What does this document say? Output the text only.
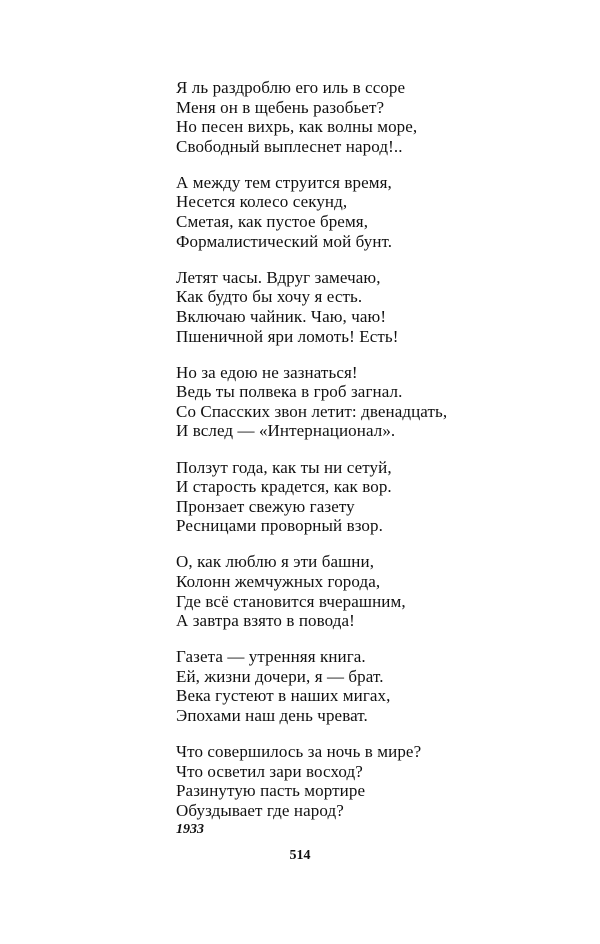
Я ль раздроблю его иль в ссоре
Меня он в щебень разобьет?
Но песен вихрь, как волны море,
Свободный выплеснет народ!..
А между тем струится время,
Несется колесо секунд,
Сметая, как пустое бремя,
Формалистический мой бунт.
Летят часы. Вдруг замечаю,
Как будто бы хочу я есть.
Включаю чайник. Чаю, чаю!
Пшеничной яри ломоть! Есть!
Но за едою не зазнаться!
Ведь ты полвека в гроб загнал.
Со Спасских звон летит: двенадцать,
И вслед — «Интернационал».
Ползут года, как ты ни сетуй,
И старость крадется, как вор.
Пронзает свежую газету
Ресницами проворный взор.
О, как люблю я эти башни,
Колонн жемчужных города,
Где всё становится вчерашним,
А завтра взято в повода!
Газета — утренняя книга.
Ей, жизни дочери, я — брат.
Века густеют в наших мигах,
Эпохами наш день чреват.
Что совершилось за ночь в мире?
Что осветил зари восход?
Разинутую пасть мортире
Обуздывает где народ?
1933
514
